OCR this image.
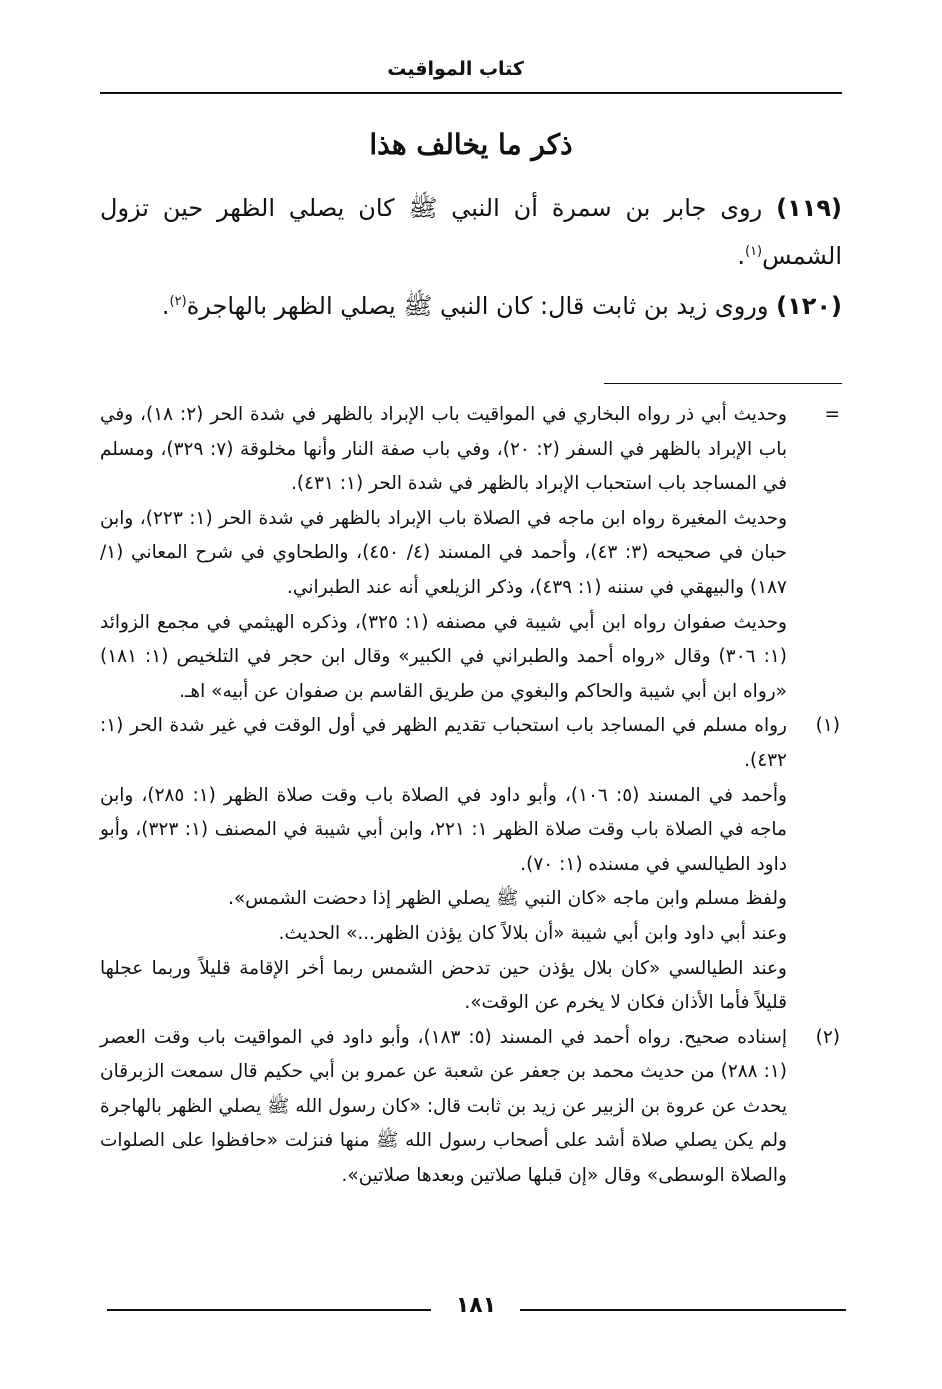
كتاب المواقيت
ذكر ما يخالف هذا
(١١٩) روى جابر بن سمرة أن النبي ﷺ كان يصلي الظهر حين تزول الشمس$^{(١)}$.
(١٢٠) وروى زيد بن ثابت قال: كان النبي ﷺ يصلي الظهر بالهاجرة$^{(٢)}$.
=
وحديث أبي ذر رواه البخاري في المواقيت باب الإبراد بالظهر في شدة الحر (٢: ١٨)، وفي باب الإبراد بالظهر في السفر (٢: ٢٠)، وفي باب صفة النار وأنها مخلوقة (٧: ٣٢٩)، ومسلم في المساجد باب استحباب الإبراد بالظهر في شدة الحر (١: ٤٣١).
وحديث المغيرة رواه ابن ماجه في الصلاة باب الإبراد بالظهر في شدة الحر (١: ٢٢٣)، وابن حبان في صحيحه (٣: ٤٣)، وأحمد في المسند (٤/ ٤٥٠)، والطحاوي في شرح المعاني (١/ ١٨٧) والبيهقي في سننه (١: ٤٣٩)، وذكر الزيلعي أنه عند الطبراني.
وحديث صفوان رواه ابن أبي شيبة في مصنفه (١: ٣٢٥)، وذكره الهيثمي في مجمع الزوائد (١: ٣٠٦) وقال «رواه أحمد والطبراني في الكبير» وقال ابن حجر في التلخيص (١: ١٨١) «رواه ابن أبي شيبة والحاكم والبغوي من طريق القاسم بن صفوان عن أبيه» اهـ.
(١)
رواه مسلم في المساجد باب استحباب تقديم الظهر في أول الوقت في غير شدة الحر (١: ٤٣٢).
وأحمد في المسند (٥: ١٠٦)، وأبو داود في الصلاة باب وقت صلاة الظهر (١: ٢٨٥)، وابن ماجه في الصلاة باب وقت صلاة الظهر ١: ٢٢١، وابن أبي شيبة في المصنف (١: ٣٢٣)، وأبو داود الطيالسي في مسنده (١: ٧٠).
ولفظ مسلم وابن ماجه «كان النبي ﷺ يصلي الظهر إذا دحضت الشمس».
وعند أبي داود وابن أبي شيبة «أن بلالاً كان يؤذن الظهر...» الحديث.
وعند الطيالسي «كان بلال يؤذن حين تدحض الشمس ربما أخر الإقامة قليلاً وربما عجلها قليلاً فأما الأذان فكان لا يخرم عن الوقت».
(٢)
إسناده صحيح. رواه أحمد في المسند (٥: ١٨٣)، وأبو داود في المواقيت باب وقت العصر (١: ٢٨٨) من حديث محمد بن جعفر عن شعبة عن عمرو بن أبي حكيم قال سمعت الزبرقان يحدث عن عروة بن الزبير عن زيد بن ثابت قال: «كان رسول الله ﷺ يصلي الظهر بالهاجرة ولم يكن يصلي صلاة أشد على أصحاب رسول الله ﷺ منها فنزلت «حافظوا على الصلوات والصلاة الوسطى» وقال «إن قبلها صلاتين وبعدها صلاتين».
١٨١
